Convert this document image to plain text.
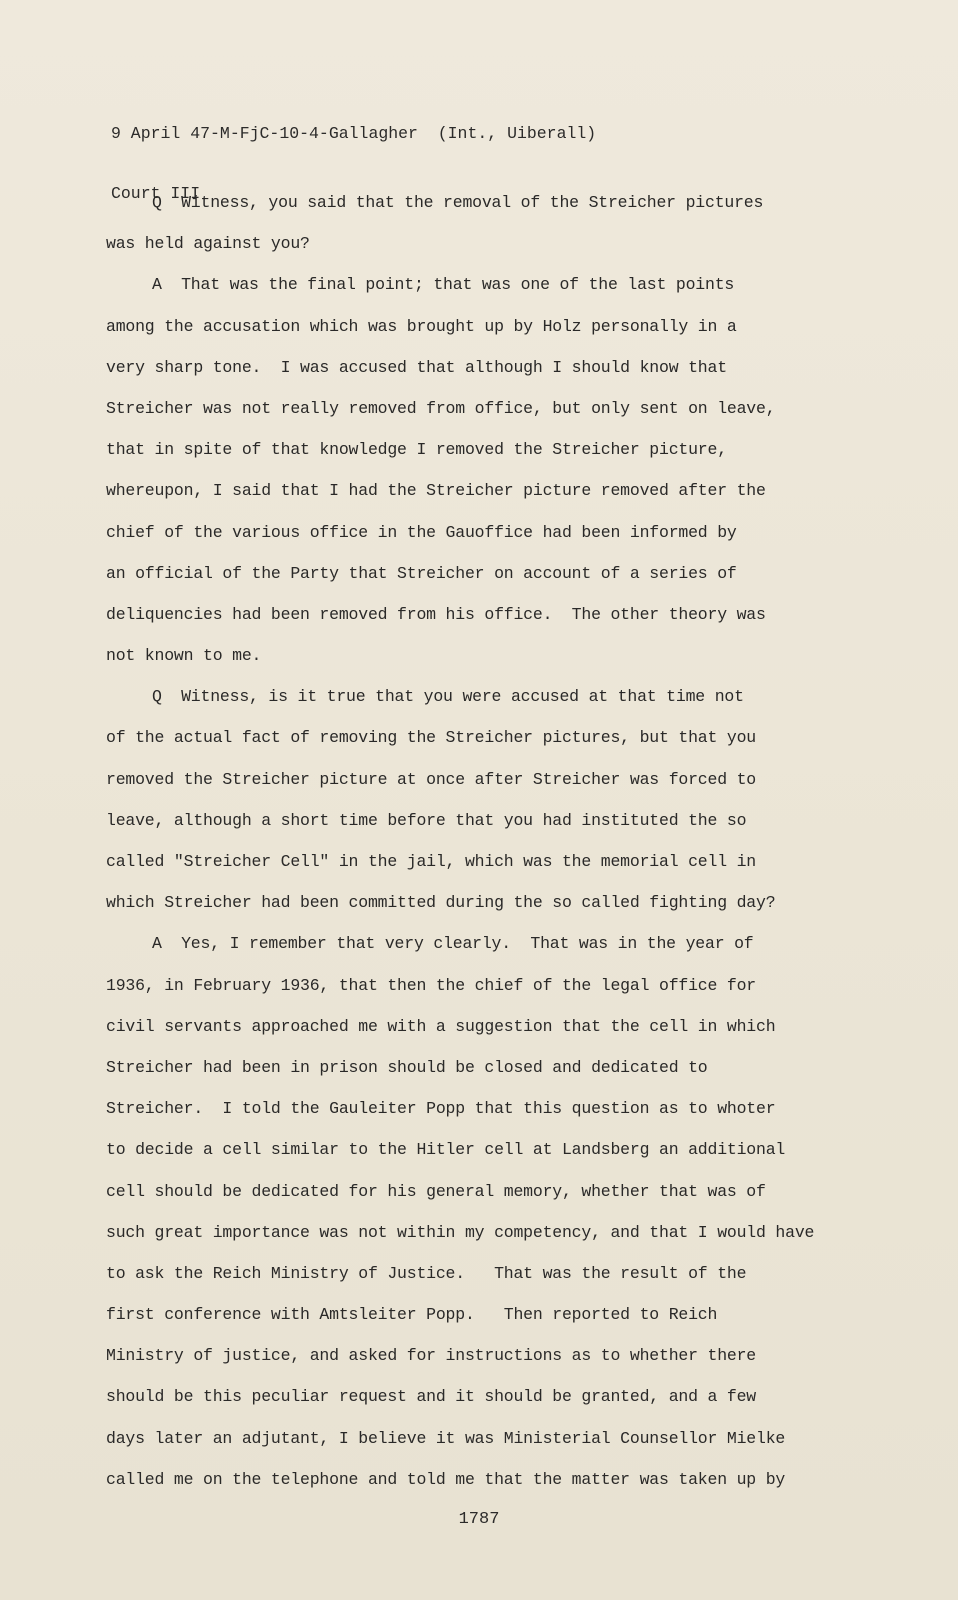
9 April 47-M-FjC-10-4-Gallagher  (Int., Uiberall)

Court III

Q  Witness, you said that the removal of the Streicher pictures
was held against you?
A  That was the final point; that was one of the last points
among the accusation which was brought up by Holz personally in a
very sharp tone.  I was accused that although I should know that
Streicher was not really removed from office, but only sent on leave,
that in spite of that knowledge I removed the Streicher picture,
whereupon, I said that I had the Streicher picture removed after the
chief of the various office in the Gauoffice had been informed by
an official of the Party that Streicher on account of a series of
deliquencies had been removed from his office.  The other theory was
not known to me.
Q  Witness, is it true that you were accused at that time not
of the actual fact of removing the Streicher pictures, but that you
removed the Streicher picture at once after Streicher was forced to
leave, although a short time before that you had instituted the so
called "Streicher Cell" in the jail, which was the memorial cell in
which Streicher had been committed during the so called fighting day?
A  Yes, I remember that very clearly.  That was in the year of
1936, in February 1936, that then the chief of the legal office for
civil servants approached me with a suggestion that the cell in which
Streicher had been in prison should be closed and dedicated to
Streicher.  I told the Gauleiter Popp that this question as to whoter
to decide a cell similar to the Hitler cell at Landsberg an additional
cell should be dedicated for his general memory, whether that was of
such great importance was not within my competency, and that I would have
to ask the Reich Ministry of Justice.   That was the result of the
first conference with Amtsleiter Popp.   Then reported to Reich
Ministry of justice, and asked for instructions as to whether there
should be this peculiar request and it should be granted, and a few
days later an adjutant, I believe it was Ministerial Counsellor Mielke
called me on the telephone and told me that the matter was taken up by
1787
